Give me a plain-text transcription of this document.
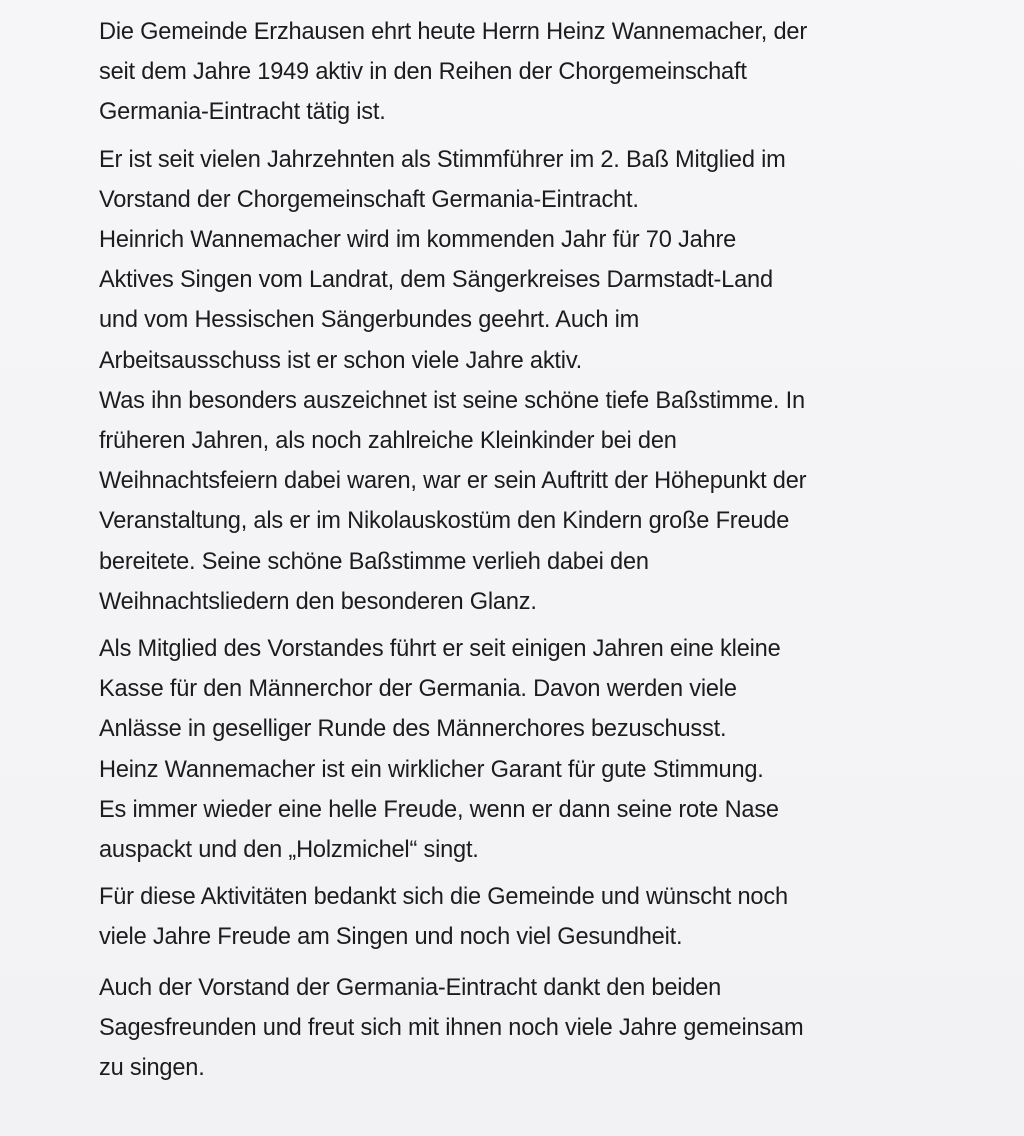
Die Gemeinde Erzhausen ehrt heute Herrn Heinz Wannemacher, der
seit dem Jahre 1949 aktiv in den Reihen der Chorgemeinschaft
Germania-Eintracht tätig ist.
Er ist seit vielen Jahrzehnten als Stimmführer im 2. Baß Mitglied im
Vorstand der Chorgemeinschaft Germania-Eintracht.
Heinrich Wannemacher wird im kommenden Jahr für 70 Jahre
Aktives Singen vom Landrat, dem Sängerkreises Darmstadt-Land
und vom Hessischen Sängerbundes geehrt. Auch im
Arbeitsausschuss ist er schon viele Jahre aktiv.
Was ihn besonders auszeichnet ist seine schöne tiefe Baßstimme. In
früheren Jahren, als noch zahlreiche Kleinkinder bei den
Weihnachtsfeiern dabei waren, war er sein Auftritt der Höhepunkt der
Veranstaltung, als er im Nikolauskostüm den Kindern große Freude
bereitete. Seine schöne Baßstimme verlieh dabei den
Weihnachtsliedern den besonderen Glanz.
Als Mitglied des Vorstandes führt er seit einigen Jahren eine kleine
Kasse für den Männerchor der Germania. Davon werden viele
Anlässe in geselliger Runde des Männerchores bezuschusst.
Heinz Wannemacher ist ein wirklicher Garant für gute Stimmung.
Es immer wieder eine helle Freude, wenn er dann seine rote Nase
auspackt und den „Holzmichel“ singt.
Für diese Aktivitäten bedankt sich die Gemeinde und wünscht noch
viele Jahre Freude am Singen und noch viel Gesundheit.
Auch der Vorstand der Germania-Eintracht dankt den beiden
Sagesfreunden und freut sich mit ihnen noch viele Jahre gemeinsam
zu singen.
